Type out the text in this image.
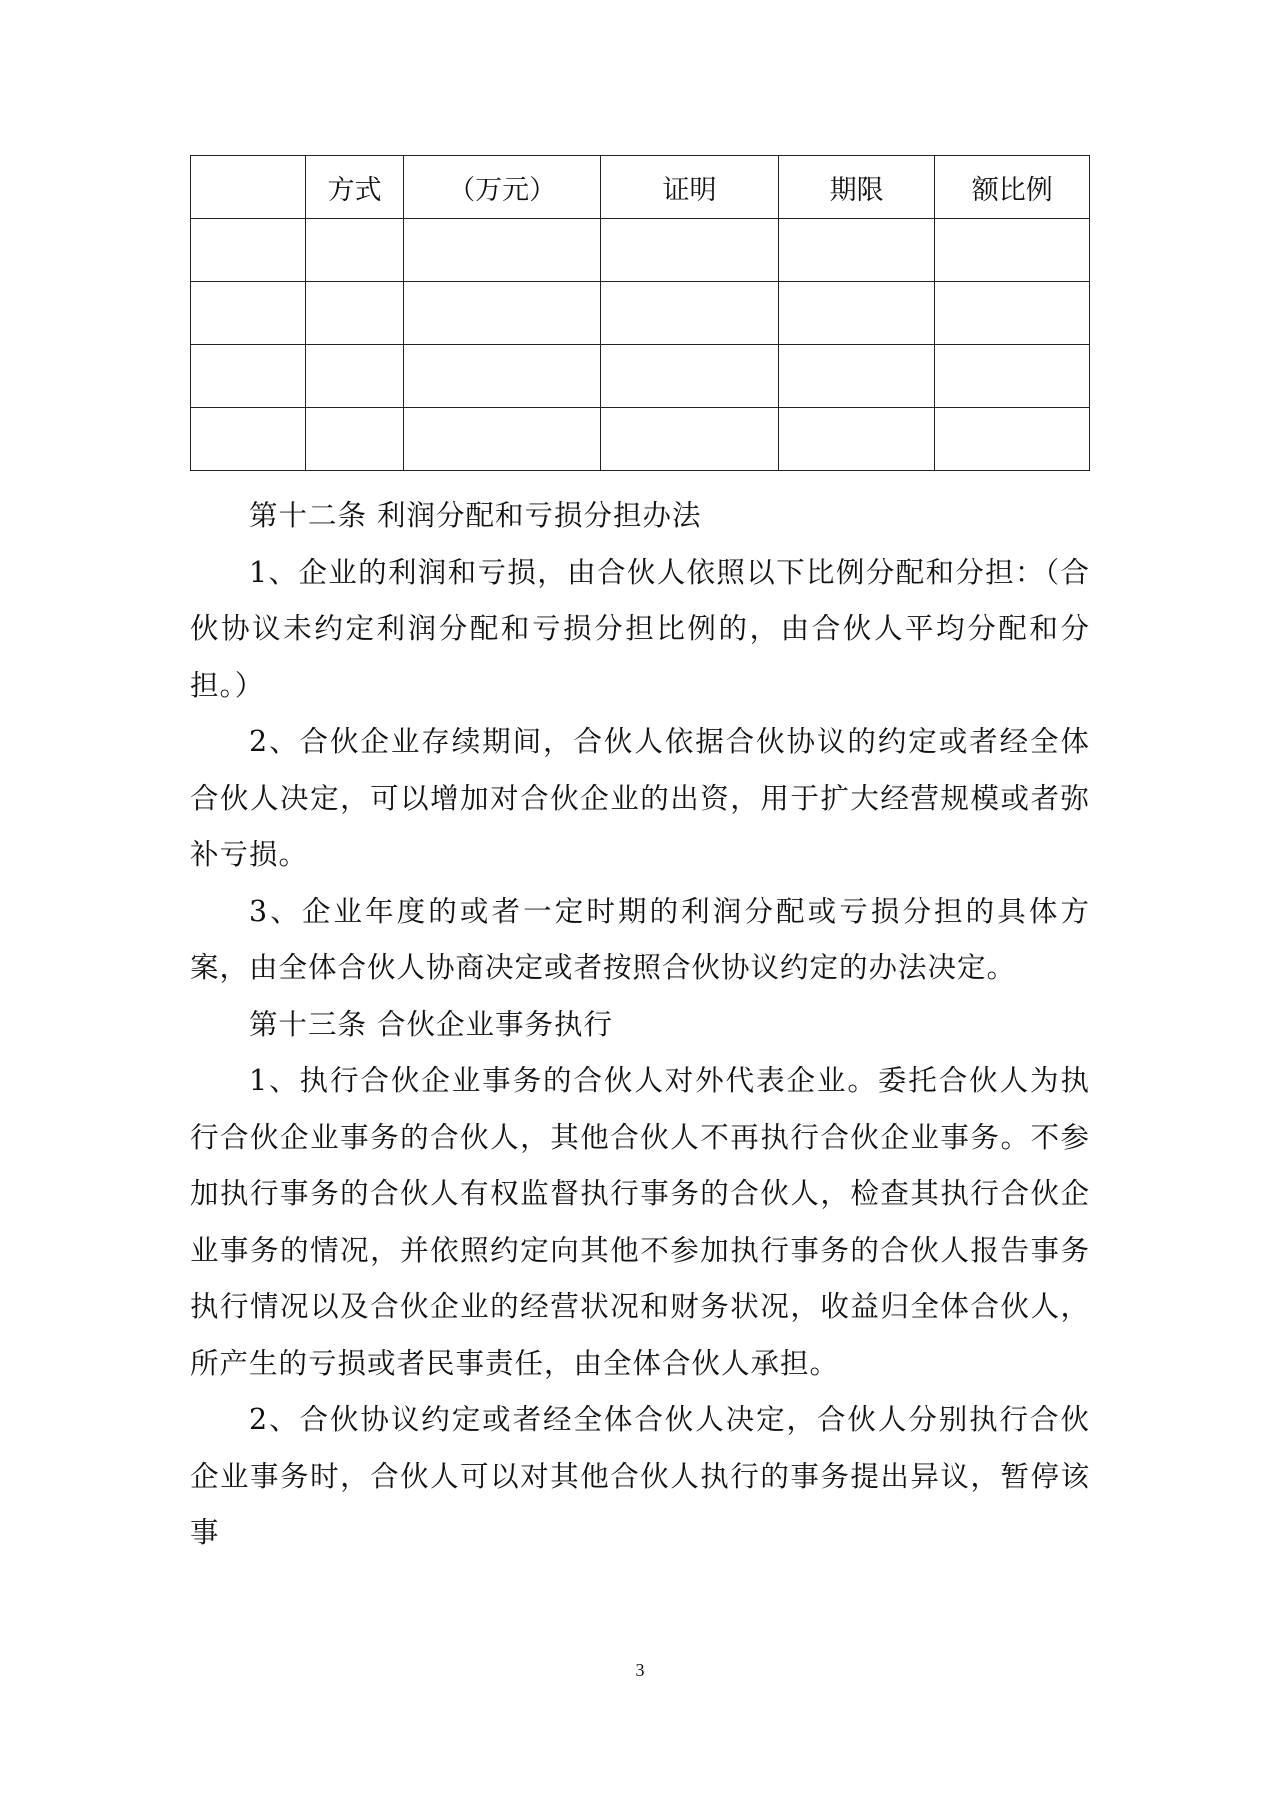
	方式	（万元）	证明	期限	额比例

第十二条 利润分配和亏损分担办法

1、企业的利润和亏损，由合伙人依照以下比例分配和分担：（合伙协议未约定利润分配和亏损分担比例的，由合伙人平均分配和分担。）

2、合伙企业存续期间，合伙人依据合伙协议的约定或者经全体合伙人决定，可以增加对合伙企业的出资，用于扩大经营规模或者弥补亏损。

3、企业年度的或者一定时期的利润分配或亏损分担的具体方案，由全体合伙人协商决定或者按照合伙协议约定的办法决定。

第十三条 合伙企业事务执行

1、执行合伙企业事务的合伙人对外代表企业。委托合伙人为执行合伙企业事务的合伙人，其他合伙人不再执行合伙企业事务。不参加执行事务的合伙人有权监督执行事务的合伙人，检查其执行合伙企业事务的情况，并依照约定向其他不参加执行事务的合伙人报告事务执行情况以及合伙企业的经营状况和财务状况，收益归全体合伙人，所产生的亏损或者民事责任，由全体合伙人承担。

2、合伙协议约定或者经全体合伙人决定，合伙人分别执行合伙企业事务时，合伙人可以对其他合伙人执行的事务提出异议，暂停该事

3
